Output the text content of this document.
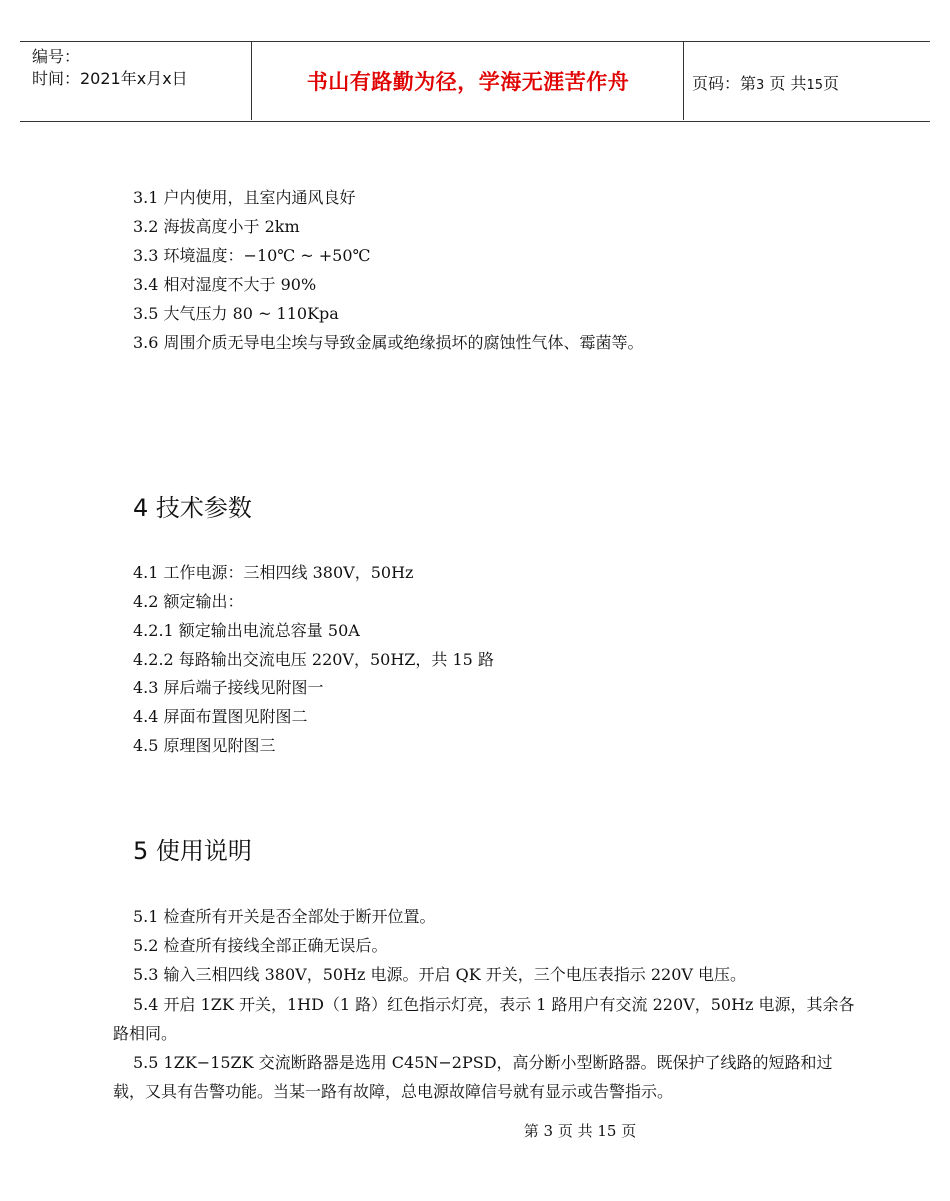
编号：
时间：2021年x月x日	书山有路勤为径，学海无涯苦作舟	页码：第3 页 共15页
3.1 户内使用，且室内通风良好
3.2 海拔高度小于 2km
3.3 环境温度：−10℃ ~ +50℃
3.4 相对湿度不大于 90%
3.5 大气压力 80 ~ 110Kpa
3.6 周围介质无导电尘埃与导致金属或绝缘损坏的腐蚀性气体、霉菌等。
4 技术参数
4.1 工作电源：三相四线 380V，50Hz
4.2 额定输出：
4.2.1 额定输出电流总容量 50A
4.2.2 每路输出交流电压 220V，50HZ，共 15 路
4.3 屏后端子接线见附图一
4.4 屏面布置图见附图二
4.5 原理图见附图三
5 使用说明
5.1 检查所有开关是否全部处于断开位置。
5.2 检查所有接线全部正确无误后。
5.3 输入三相四线 380V，50Hz 电源。开启 QK 开关，三个电压表指示 220V 电压。
5.4 开启 1ZK 开关，1HD（1 路）红色指示灯亮，表示 1 路用户有交流 220V，50Hz 电源，其余各路相同。
5.5 1ZK−15ZK 交流断路器是选用 C45N−2PSD，高分断小型断路器。既保护了线路的短路和过载，又具有告警功能。当某一路有故障，总电源故障信号就有显示或告警指示。
第 3 页 共 15 页
